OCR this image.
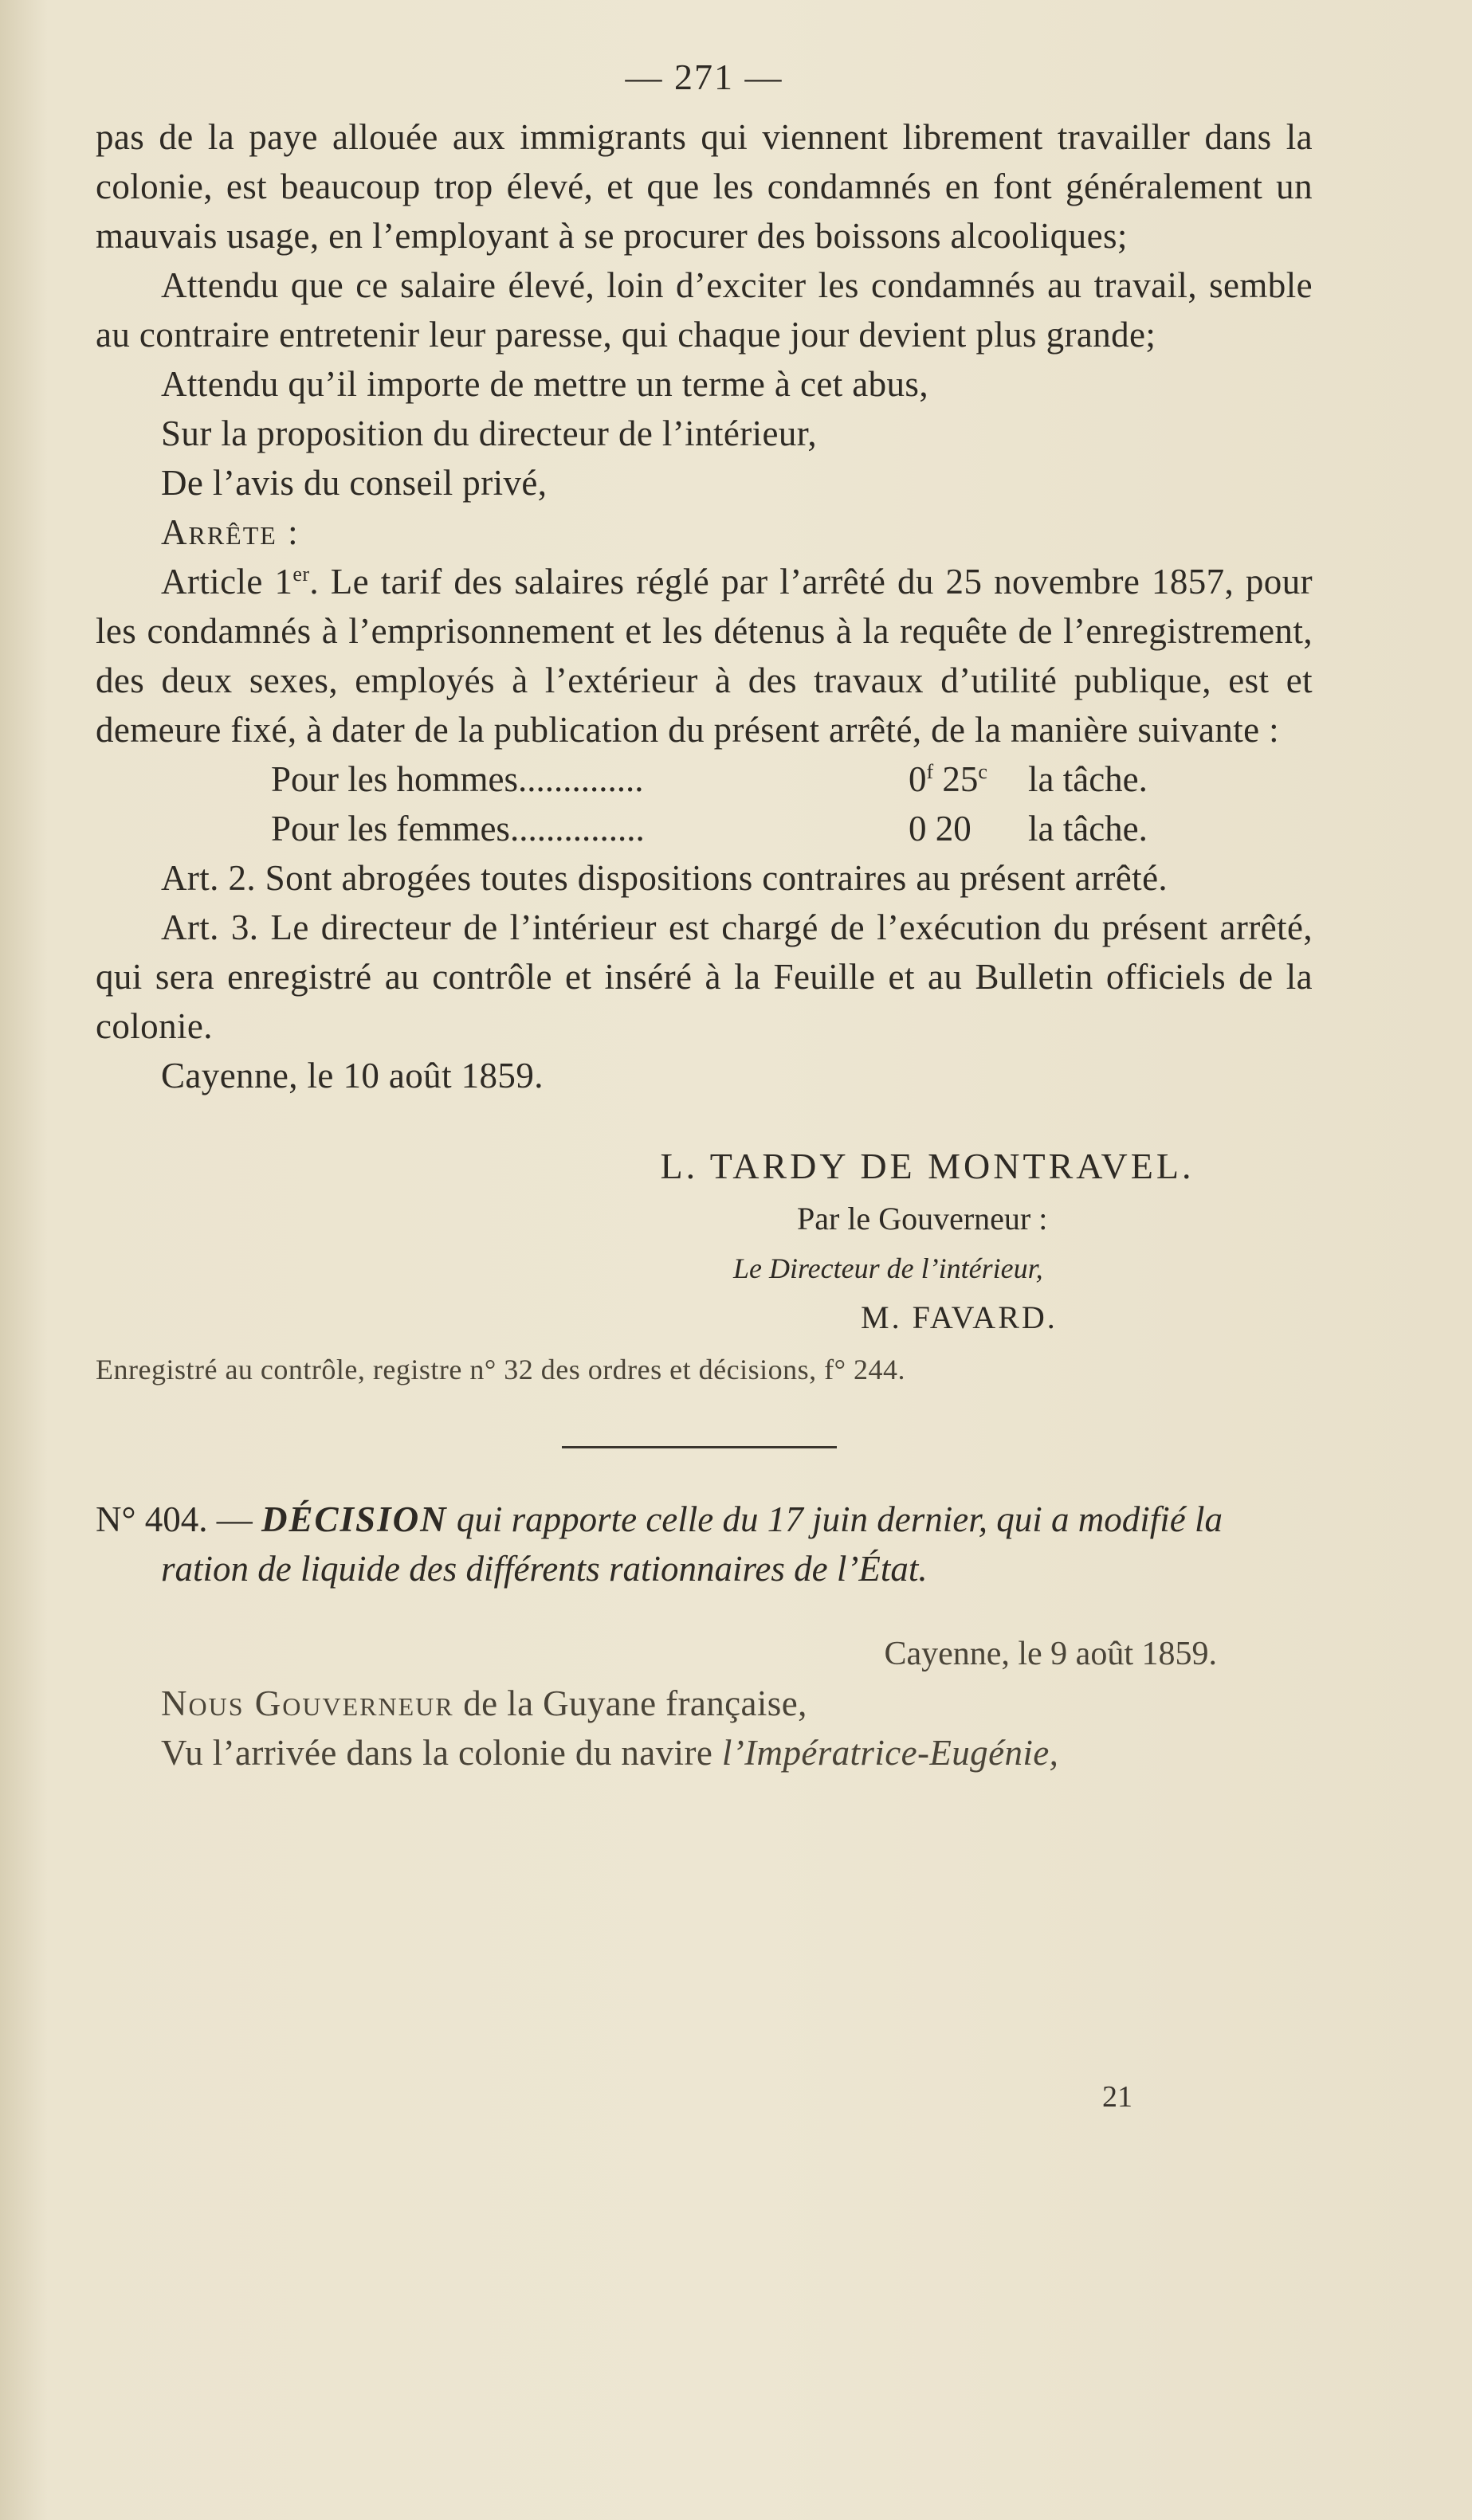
— 271 —

pas de la paye allouée aux immigrants qui viennent librement travailler dans la colonie, est beaucoup trop élevé, et que les condamnés en font généralement un mauvais usage, en l’employant à se procurer des boissons alcooliques;

Attendu que ce salaire élevé, loin d’exciter les condamnés au travail, semble au contraire entretenir leur paresse, qui chaque jour devient plus grande;

Attendu qu’il importe de mettre un terme à cet abus,

Sur la proposition du directeur de l’intérieur,

De l’avis du conseil privé,

Arrête :

Article 1er. Le tarif des salaires réglé par l’arrêté du 25 novembre 1857, pour les condamnés à l’emprisonnement et les détenus à la requête de l’enregistrement, des deux sexes, employés à l’extérieur à des travaux d’utilité publique, est et demeure fixé, à dater de la publication du présent arrêté, de la manière suivante :

Pour les hommes..............	0$^f$ 25$^c$	la tâche.
Pour les femmes...............	0 20	la tâche.

Art. 2. Sont abrogées toutes dispositions contraires au présent arrêté.

Art. 3. Le directeur de l’intérieur est chargé de l’exécution du présent arrêté, qui sera enregistré au contrôle et inséré à la Feuille et au Bulletin officiels de la colonie.

Cayenne, le 10 août 1859.

L. TARDY DE MONTRAVEL.
Par le Gouverneur :
Le Directeur de l’intérieur,
M. FAVARD.
Enregistré au contrôle, registre n° 32 des ordres et décisions, f° 244.

N° 404. — DÉCISION qui rapporte celle du 17 juin dernier, qui a modifié la ration de liquide des différents rationnaires de l’État.

Cayenne, le 9 août 1859.

Nous Gouverneur de la Guyane française,

Vu l’arrivée dans la colonie du navire l’Impératrice-Eugénie,

21
